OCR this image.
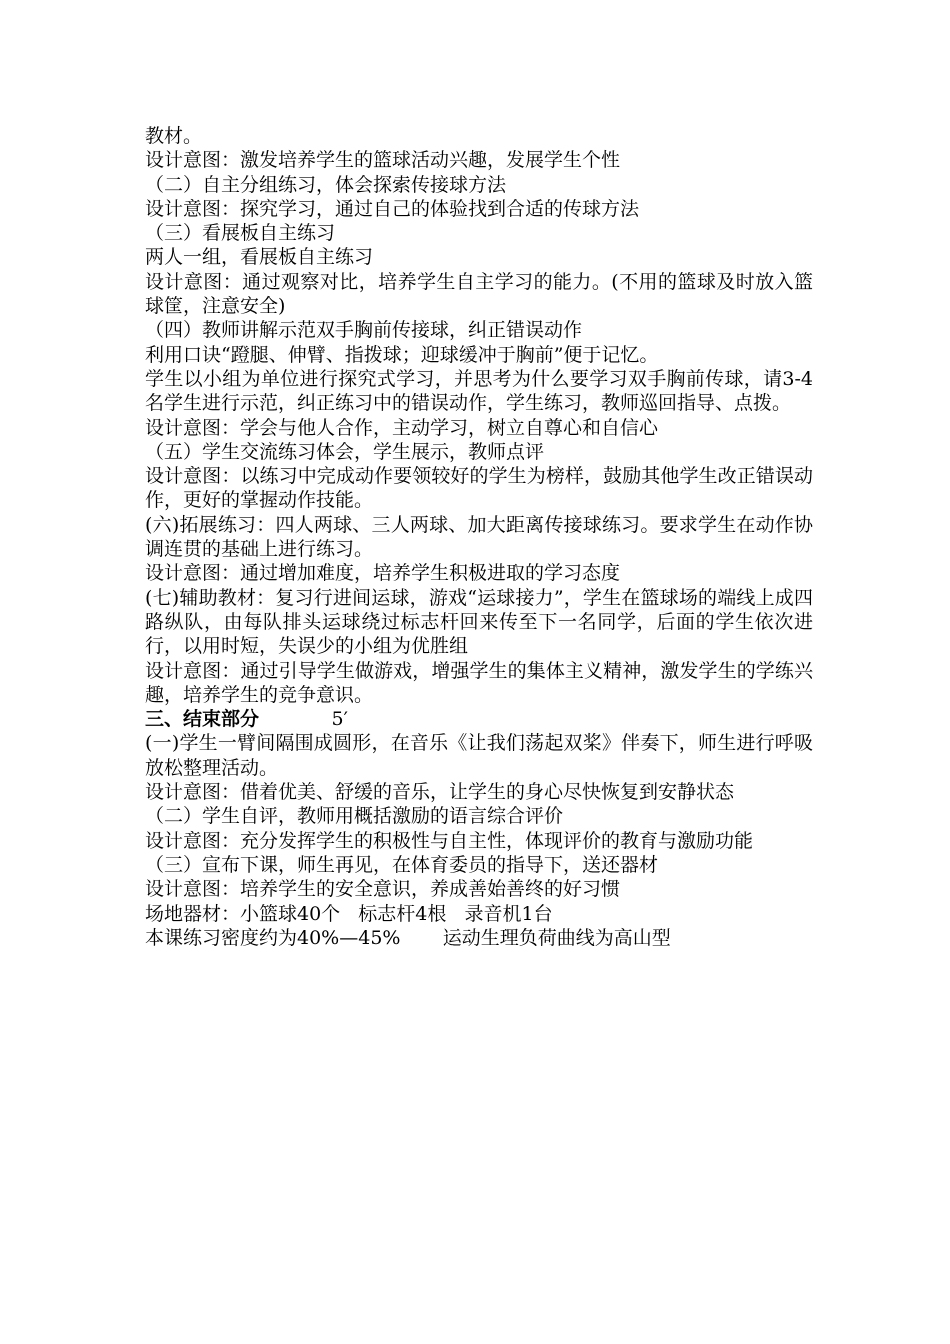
教材。

设计意图：激发培养学生的篮球活动兴趣，发展学生个性

（二）自主分组练习，体会探索传接球方法

设计意图：探究学习，通过自己的体验找到合适的传球方法

（三）看展板自主练习

两人一组，看展板自主练习

设计意图：通过观察对比，培养学生自主学习的能力。(不用的篮球及时放入篮球筐，注意安全)

（四）教师讲解示范双手胸前传接球，纠正错误动作

利用口诀“蹬腿、伸臂、指拨球；迎球缓冲于胸前”便于记忆。

学生以小组为单位进行探究式学习，并思考为什么要学习双手胸前传球，请3-4名学生进行示范，纠正练习中的错误动作，学生练习，教师巡回指导、点拨。

设计意图：学会与他人合作，主动学习，树立自尊心和自信心

（五）学生交流练习体会，学生展示，教师点评

设计意图：以练习中完成动作要领较好的学生为榜样，鼓励其他学生改正错误动作，更好的掌握动作技能。

(六)拓展练习：四人两球、三人两球、加大距离传接球练习。要求学生在动作协调连贯的基础上进行练习。

设计意图：通过增加难度，培养学生积极进取的学习态度

(七)辅助教材：复习行进间运球，游戏“运球接力”，学生在篮球场的端线上成四路纵队，由每队排头运球绕过标志杆回来传至下一名同学，后面的学生依次进行，以用时短，失误少的小组为优胜组

设计意图：通过引导学生做游戏，增强学生的集体主义精神，激发学生的学练兴趣，培养学生的竞争意识。

三、结束部分	5′

(一)学生一臂间隔围成圆形，在音乐《让我们荡起双桨》伴奏下，师生进行呼吸放松整理活动。

设计意图：借着优美、舒缓的音乐，让学生的身心尽快恢复到安静状态

（二）学生自评，教师用概括激励的语言综合评价

设计意图：充分发挥学生的积极性与自主性，体现评价的教育与激励功能

（三）宣布下课，师生再见，在体育委员的指导下，送还器材

设计意图：培养学生的安全意识，养成善始善终的好习惯

场地器材：小篮球40个   标志杆4根   录音机1台

本课练习密度约为40%—45%       运动生理负荷曲线为高山型
